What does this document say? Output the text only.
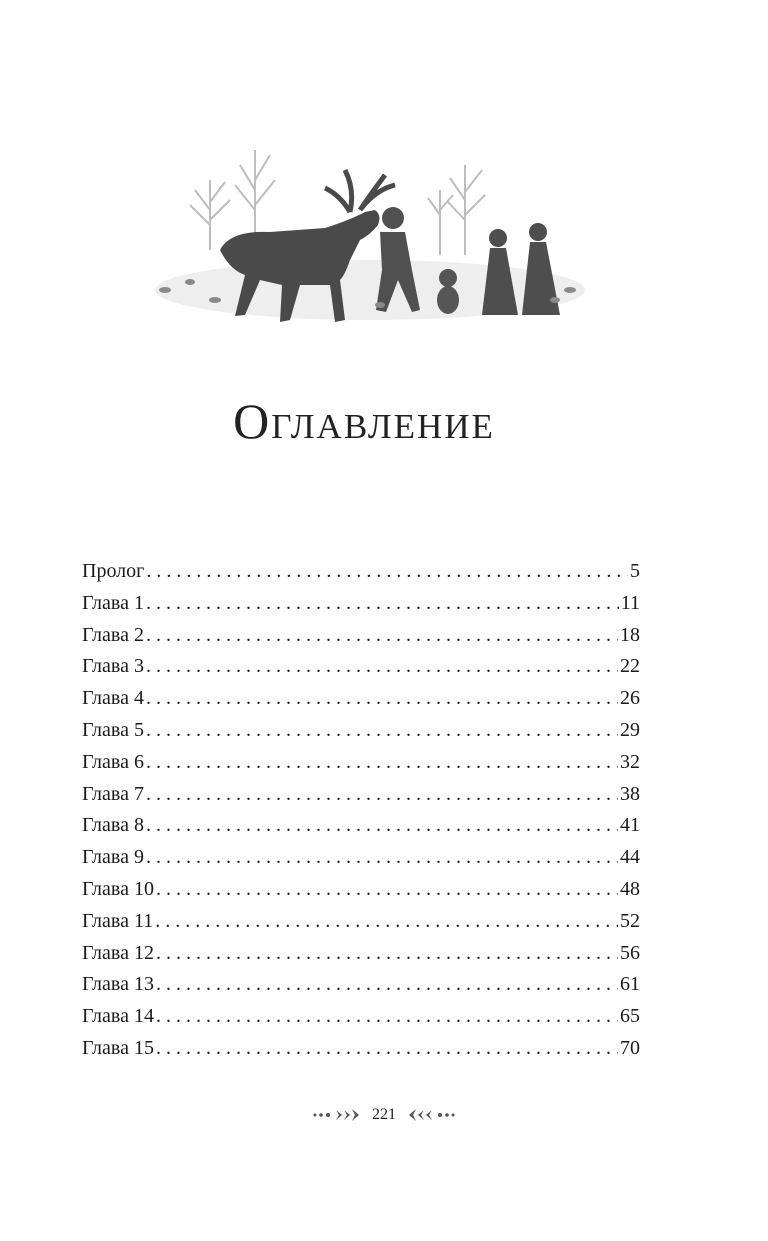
Оглавление
Пролог . . .	5
Глава 1 . . .	11
Глава 2 . . .	18
Глава 3 . . .	22
Глава 4 . . .	26
Глава 5 . . .	29
Глава 6 . . .	32
Глава 7 . . .	38
Глава 8 . . .	41
Глава 9 . . .	44
Глава 10 . . .	48
Глава 11 . . .	52
Глава 12 . . .	56
Глава 13 . . .	61
Глава 14 . . .	65
Глава 15 . . .	70
221
